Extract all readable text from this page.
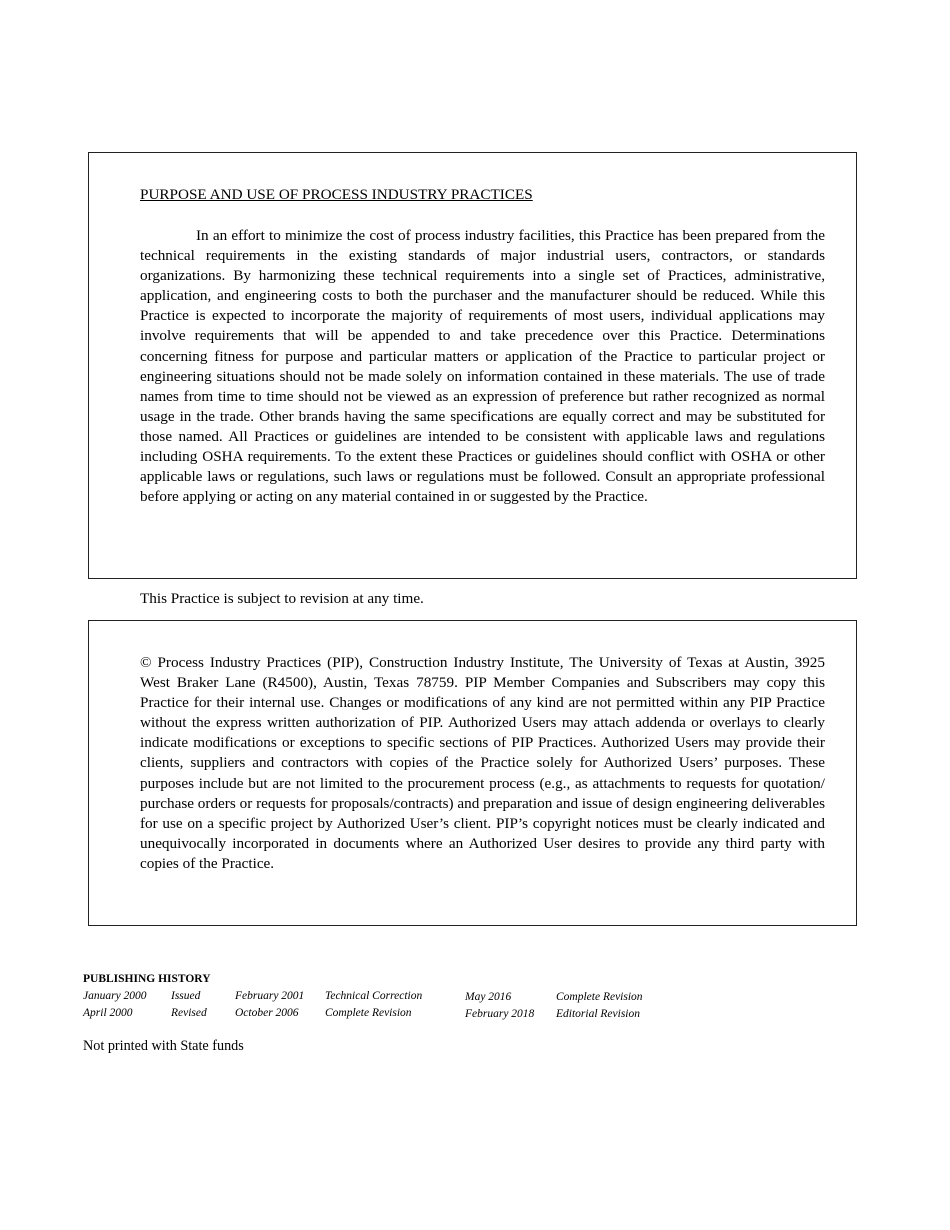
PURPOSE AND USE OF PROCESS INDUSTRY PRACTICES

In an effort to minimize the cost of process industry facilities, this Practice has been prepared from the technical requirements in the existing standards of major industrial users, contractors, or standards organizations. By harmonizing these technical requirements into a single set of Practices, administrative, application, and engineering costs to both the purchaser and the manufacturer should be reduced. While this Practice is expected to incorporate the majority of requirements of most users, individual applications may involve requirements that will be appended to and take precedence over this Practice. Determinations concerning fitness for purpose and particular matters or application of the Practice to particular project or engineering situations should not be made solely on information contained in these materials. The use of trade names from time to time should not be viewed as an expression of preference but rather recognized as normal usage in the trade. Other brands having the same specifications are equally correct and may be substituted for those named. All Practices or guidelines are intended to be consistent with applicable laws and regulations including OSHA requirements. To the extent these Practices or guidelines should conflict with OSHA or other applicable laws or regulations, such laws or regulations must be followed. Consult an appropriate professional before applying or acting on any material contained in or suggested by the Practice.

This Practice is subject to revision at any time.

© Process Industry Practices (PIP), Construction Industry Institute, The University of Texas at Austin, 3925 West Braker Lane (R4500), Austin, Texas 78759. PIP Member Companies and Subscribers may copy this Practice for their internal use. Changes or modifications of any kind are not permitted within any PIP Practice without the express written authorization of PIP. Authorized Users may attach addenda or overlays to clearly indicate modifications or exceptions to specific sections of PIP Practices. Authorized Users may provide their clients, suppliers and contractors with copies of the Practice solely for Authorized Users’ purposes. These purposes include but are not limited to the procurement process (e.g., as attachments to requests for quotation/ purchase orders or requests for proposals/contracts) and preparation and issue of design engineering deliverables for use on a specific project by Authorized User’s client. PIP’s copyright notices must be clearly indicated and unequivocally incorporated in documents where an Authorized User desires to provide any third party with copies of the Practice.

PUBLISHING HISTORY
January 2000
April 2000
Issued
Revised
February 2001
October 2006
Technical Correction
Complete Revision
May 2016
February 2018
Complete Revision
Editorial Revision
Not printed with State funds
